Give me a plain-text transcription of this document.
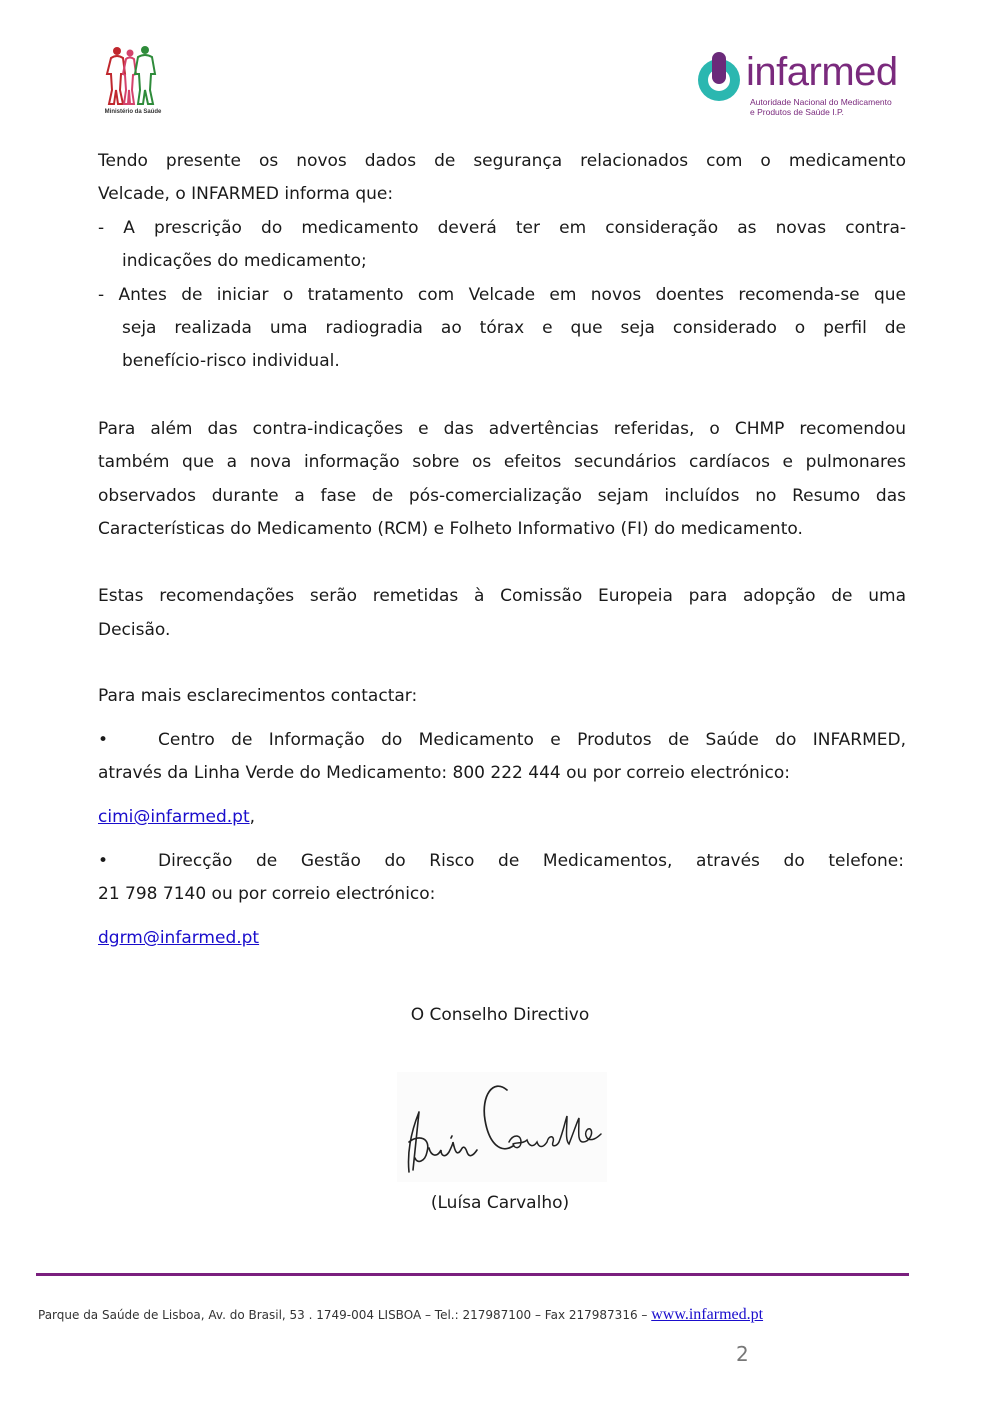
Ministério da Saúde
infarmed
Autoridade Nacional do Medicamento
e Produtos de Saúde I.P.
Tendo presente os novos dados de segurança relacionados com o medicamento
Velcade, o INFARMED informa que:
- A prescrição do medicamento deverá ter em consideração as novas contra-
indicações do medicamento;
- Antes de iniciar o tratamento com Velcade em novos doentes recomenda-se que
seja realizada uma radiogradia ao tórax e que seja considerado o perfil de
benefício-risco individual.
Para além das contra-indicações e das advertências referidas, o CHMP recomendou
também que a nova informação sobre os efeitos secundários cardíacos e pulmonares
observados durante a fase de pós-comercialização sejam incluídos no Resumo das
Características do Medicamento (RCM) e Folheto Informativo (FI) do medicamento.
Estas recomendações serão remetidas à Comissão Europeia para adopção de uma
Decisão.
Para mais esclarecimentos contactar:
•	Centro de Informação do Medicamento e Produtos de Saúde do INFARMED,
através da Linha Verde do Medicamento: 800 222 444 ou por correio electrónico:
cimi@infarmed.pt,
•	Direcção de Gestão do Risco de Medicamentos, através do telefone:
21 798 7140 ou por correio electrónico:
dgrm@infarmed.pt
O Conselho Directivo
(Luísa Carvalho)
Parque da Saúde de Lisboa, Av. do Brasil, 53 . 1749-004 LISBOA – Tel.: 217987100 – Fax 217987316 – www.infarmed.pt
2
